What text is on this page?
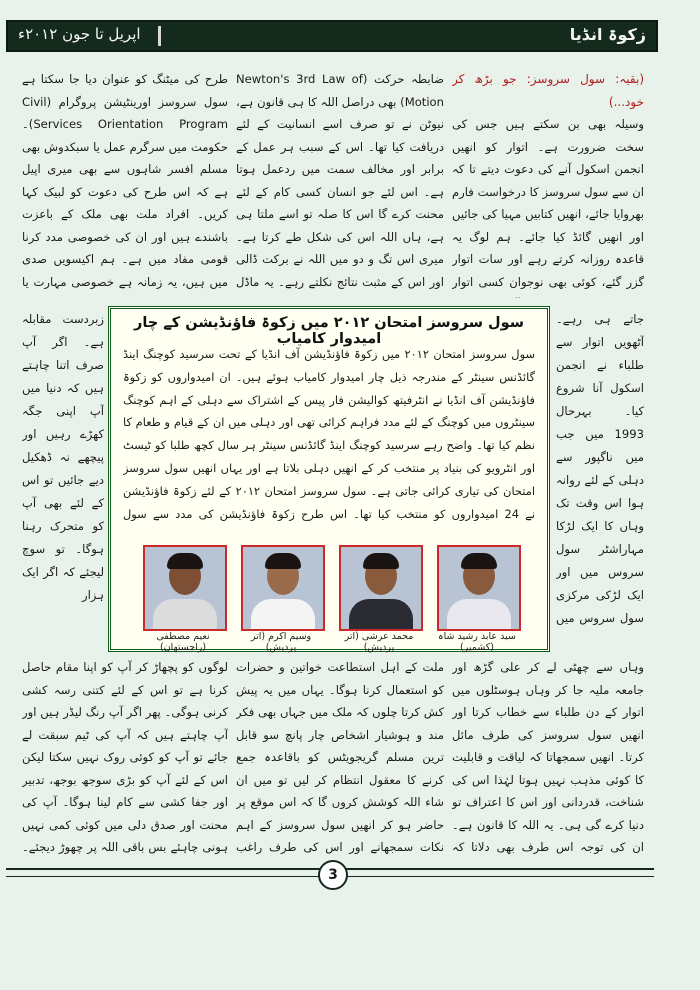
اپریل تا جون ۲۰۱۲ء	زکوۃ انڈیا

(بقیہ: سول سروسز: جو بڑھ کر خود...)

وسیلہ بھی بن سکتے ہیں جس کی سخت ضرورت ہے۔ اتوار کو انھیں انجمن اسکول آنے کی دعوت دیتے تا کہ ان سے سول سروسز کا درخواست فارم بھروایا جائے، انھیں کتابیں مہیا کی جائیں اور انھیں گائڈ کیا جائے۔ ہم لوگ یہ قاعدہ روزانہ کرتے رہے اور سات اتوار گزر گئے، کوئی بھی نوجوان کسی اتوار

ضابطہ حرکت (Newton's 3rd Law of Motion) بھی دراصل اللہ کا ہی قانون ہے، نیوٹن نے تو صرف اسے انسانیت کے لئے دریافت کیا تھا۔ اس کے سبب ہر عمل کے برابر اور مخالف سمت میں ردعمل ہوتا ہے۔ اس لئے جو انسان کسی کام کے لئے محنت کرے گا اس کا صلہ تو اسے ملتا ہی ہے، ہاں اللہ اس کی شکل طے کرتا ہے۔ میری اس تگ و دو میں اللہ نے برکت ڈالی اور اس کے مثبت نتائج نکلتے رہے۔ یہ ماڈل

طرح کی میٹنگ کو عنوان دیا جا سکتا ہے سول سروسز اورینٹیشن پروگرام (Civil Services Orientation Program)۔ حکومت میں سرگرم عمل یا سبکدوش بھی مسلم افسر شاہوں سے بھی میری اپیل ہے کہ اس طرح کی دعوت کو لبیک کہا کریں۔ افراد ملت بھی ملک کے باعزت باشندے ہیں اور ان کی خصوصی مدد کرنا قومی مفاد میں ہے۔ ہم اکیسویں صدی میں ہیں، یہ زمانہ ہے خصوصی مہارت یا

جاتے ہی رہے۔ آٹھویں اتوار سے طلباء نے انجمن اسکول آنا شروع کیا۔ بہرحال 1993 میں جب میں ناگپور سے دہلی کے لئے روانہ ہوا اس وقت تک وہاں کا ایک لڑکا مہاراشٹر سول سروس میں اور ایک لڑکی مرکزی سول سروس میں
زبردست مقابلہ ہے۔ اگر آپ صرف اتنا چاہتے ہیں کہ دنیا میں آپ اپنی جگہ کھڑے رہیں اور پیچھے نہ ڈھکیل دیے جائیں تو اس کے لئے بھی آپ کو متحرک رہنا ہوگا۔ تو سوچ لیجئے کہ اگر ایک ہزار
سول سروسز امتحان ۲۰۱۲ میں زکوۃ فاؤنڈیشن کے چار امیدوار کامیاب
سول سروسز امتحان ۲۰۱۲ میں زکوۃ فاؤنڈیشن آف انڈیا کے تحت سرسید کوچنگ اینڈ گائڈنس سینٹر کے مندرجہ ذیل چار امیدوار کامیاب ہوئے ہیں۔ ان امیدواروں کو زکوۃ فاؤنڈیشن آف انڈیا نے انٹرفیتھ کوالیشن فار پیس کے اشتراک سے دہلی کے اہم کوچنگ سینٹروں میں کوچنگ کے لئے مدد فراہم کرائی تھی اور دہلی میں ان کے قیام و طعام کا نظم کیا تھا۔ واضح رہے سرسید کوچنگ اینڈ گائڈنس سینٹر ہر سال کچھ طلبا کو ٹیسٹ اور انٹرویو کی بنیاد پر منتخب کر کے انھیں دہلی بلاتا ہے اور یہاں انھیں سول سروسز امتحان کی تیاری کرائی جاتی ہے۔ سول سروسز امتحان ۲۰۱۲ کے لئے زکوۃ فاؤنڈیشن نے 24 امیدواروں کو منتخب کیا تھا۔ اس طرح زکوۃ فاؤنڈیشن کی مدد سے سول
سید عابد رشید شاہ (کشمیر)
محمد عرشی (اتر پردیش)
وسیم اکرم (اتر پردیش)
نعیم مصطفی (راجستھان)
وہاں سے چھٹی لے کر علی گڑھ اور جامعہ ملیہ جا کر وہاں ہوسٹلوں میں اتوار کے دن طلباء سے خطاب کرتا اور انھیں سول سروسز کی طرف مائل کرتا۔ انھیں سمجھاتا کہ لیاقت و قابلیت کا کوئی مذہب نہیں ہوتا لہٰذا اس کی شناخت، قدردانی اور اس کا اعتراف تو دنیا کرے گی ہی۔ یہ اللہ کا قانون ہے۔ ان کی توجہ اس طرف بھی دلاتا کہ
ملت کے اہل استطاعت خواتین و حضرات کو استعمال کرنا ہوگا۔ یہاں میں یہ پیش کش کرتا چلوں کہ ملک میں جہاں بھی فکر مند و ہوشیار اشخاص چار پانچ سو قابل ترین مسلم گریجویٹس کو باقاعدہ جمع کرنے کا معقول انتظام کر لیں تو میں ان شاء اللہ کوشش کروں گا کہ اس موقع پر حاضر ہو کر انھیں سول سروسز کے اہم نکات سمجھانے اور اس کی طرف راغب
لوگوں کو پچھاڑ کر آپ کو اپنا مقام حاصل کرنا ہے تو اس کے لئے کتنی رسہ کشی کرنی ہوگی۔ پھر اگر آپ رنگ لیڈر ہیں اور آپ چاہتے ہیں کہ آپ کی ٹیم سبقت لے جائے تو آپ کو کوئی روک نہیں سکتا لیکن اس کے لئے آپ کو بڑی سوجھ بوجھ، تدبیر اور جفا کشی سے کام لینا ہوگا۔ آپ کی محنت اور صدق دلی میں کوئی کمی نہیں ہونی چاہئے بس باقی اللہ پر چھوڑ دیجئے۔
3
